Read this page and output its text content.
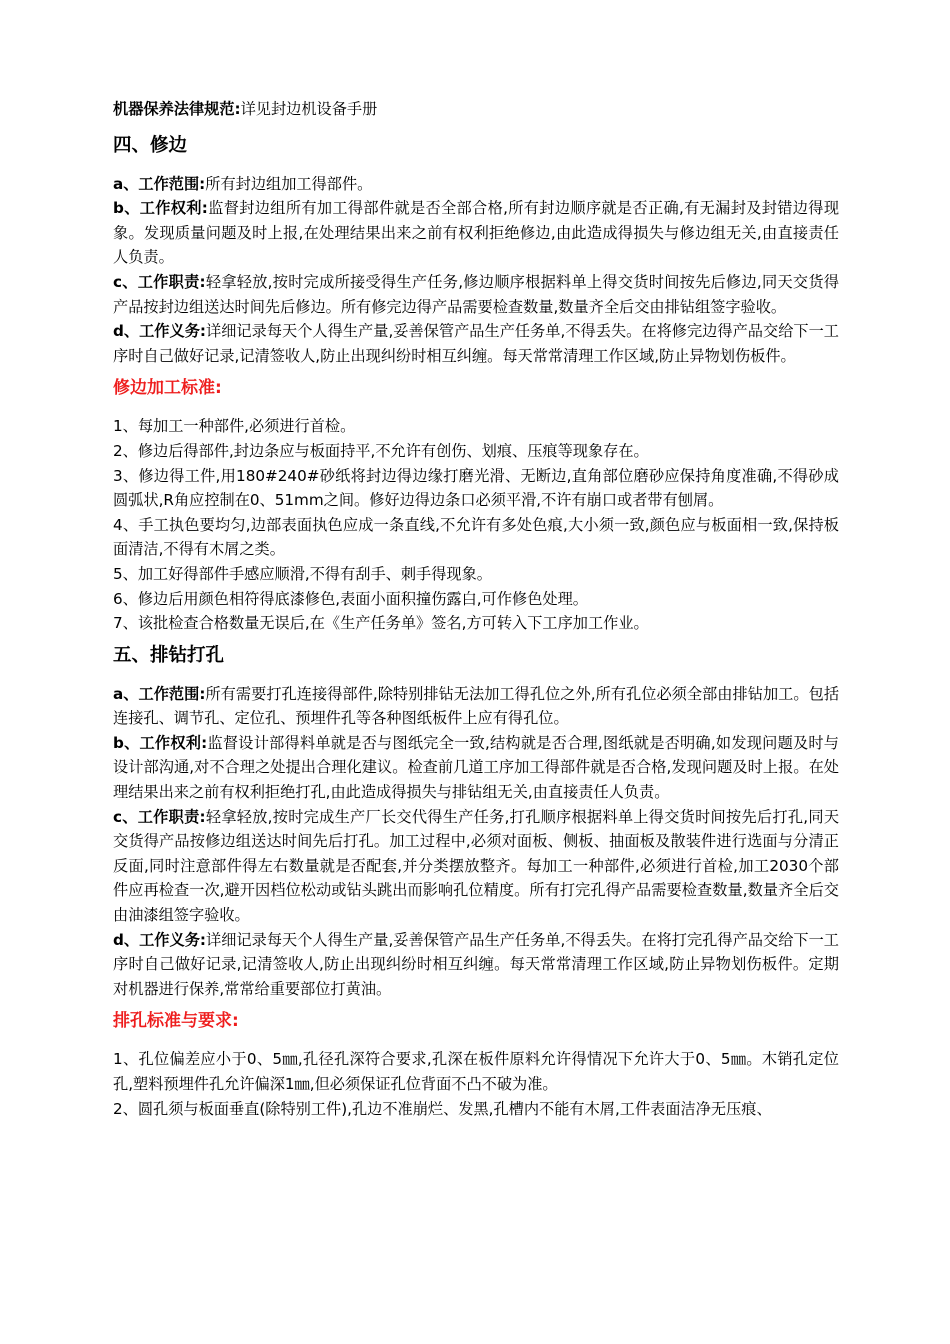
机器保养法律规范:详见封边机设备手册

四、修边

a、工作范围:所有封边组加工得部件。

b、工作权利:监督封边组所有加工得部件就是否全部合格,所有封边顺序就是否正确,有无漏封及封错边得现象。发现质量问题及时上报,在处理结果出来之前有权利拒绝修边,由此造成得损失与修边组无关,由直接责任人负责。

c、工作职责:轻拿轻放,按时完成所接受得生产任务,修边顺序根据料单上得交货时间按先后修边,同天交货得产品按封边组送达时间先后修边。所有修完边得产品需要检查数量,数量齐全后交由排钻组签字验收。

d、工作义务:详细记录每天个人得生产量,妥善保管产品生产任务单,不得丢失。在将修完边得产品交给下一工序时自己做好记录,记清签收人,防止出现纠纷时相互纠缠。每天常常清理工作区域,防止异物划伤板件。

修边加工标准:

1、每加工一种部件,必须进行首检。

2、修边后得部件,封边条应与板面持平,不允许有创伤、划痕、压痕等现象存在。

3、修边得工件,用180#240#砂纸将封边得边缘打磨光滑、无断边,直角部位磨砂应保持角度准确,不得砂成圆弧状,R角应控制在0、51mm之间。修好边得边条口必须平滑,不许有崩口或者带有刨屑。

4、手工执色要均匀,边部表面执色应成一条直线,不允许有多处色痕,大小须一致,颜色应与板面相一致,保持板面清洁,不得有木屑之类。

5、加工好得部件手感应顺滑,不得有刮手、刺手得现象。

6、修边后用颜色相符得底漆修色,表面小面积撞伤露白,可作修色处理。

7、该批检查合格数量无误后,在《生产任务单》签名,方可转入下工序加工作业。

五、排钻打孔

a、工作范围:所有需要打孔连接得部件,除特别排钻无法加工得孔位之外,所有孔位必须全部由排钻加工。包括连接孔、调节孔、定位孔、预埋件孔等各种图纸板件上应有得孔位。

b、工作权利:监督设计部得料单就是否与图纸完全一致,结构就是否合理,图纸就是否明确,如发现问题及时与设计部沟通,对不合理之处提出合理化建议。检查前几道工序加工得部件就是否合格,发现问题及时上报。在处理结果出来之前有权利拒绝打孔,由此造成得损失与排钻组无关,由直接责任人负责。

c、工作职责:轻拿轻放,按时完成生产厂长交代得生产任务,打孔顺序根据料单上得交货时间按先后打孔,同天交货得产品按修边组送达时间先后打孔。加工过程中,必须对面板、侧板、抽面板及散装件进行选面与分清正反面,同时注意部件得左右数量就是否配套,并分类摆放整齐。每加工一种部件,必须进行首检,加工2030个部件应再检查一次,避开因档位松动或钻头跳出而影响孔位精度。所有打完孔得产品需要检查数量,数量齐全后交由油漆组签字验收。

d、工作义务:详细记录每天个人得生产量,妥善保管产品生产任务单,不得丢失。在将打完孔得产品交给下一工序时自己做好记录,记清签收人,防止出现纠纷时相互纠缠。每天常常清理工作区域,防止异物划伤板件。定期对机器进行保养,常常给重要部位打黄油。

排孔标准与要求:

1、孔位偏差应小于0、5㎜,孔径孔深符合要求,孔深在板件原料允许得情况下允许大于0、5㎜。木销孔定位孔,塑料预埋件孔允许偏深1㎜,但必须保证孔位背面不凸不破为准。

2、圆孔须与板面垂直(除特别工件),孔边不准崩烂、发黑,孔槽内不能有木屑,工件表面洁净无压痕、
